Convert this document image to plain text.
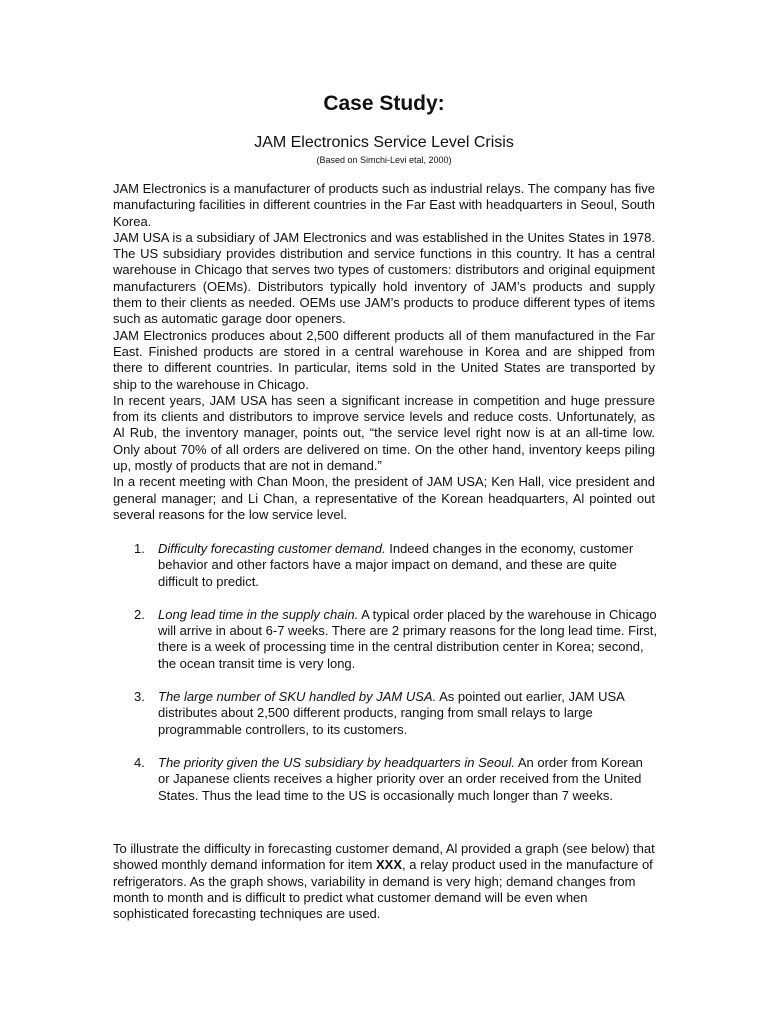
Case Study:
JAM Electronics Service Level Crisis
(Based on Simchi-Levi etal, 2000)

JAM Electronics is a manufacturer of products such as industrial relays. The company has five manufacturing facilities in different countries in the Far East with headquarters in Seoul, South Korea.

JAM USA is a subsidiary of JAM Electronics and was established in the Unites States in 1978. The US subsidiary provides distribution and service functions in this country. It has a central warehouse in Chicago that serves two types of customers: distributors and original equipment manufacturers (OEMs). Distributors typically hold inventory of JAM’s products and supply them to their clients as needed. OEMs use JAM’s products to produce different types of items such as automatic garage door openers.

JAM Electronics produces about 2,500 different products all of them manufactured in the Far East. Finished products are stored in a central warehouse in Korea and are shipped from there to different countries. In particular, items sold in the United States are transported by ship to the warehouse in Chicago.

In recent years, JAM USA has seen a significant increase in competition and huge pressure from its clients and distributors to improve service levels and reduce costs. Unfortunately, as Al Rub, the inventory manager, points out, “the service level right now is at an all-time low. Only about 70% of all orders are delivered on time. On the other hand, inventory keeps piling up, mostly of products that are not in demand.”

In a recent meeting with Chan Moon, the president of JAM USA; Ken Hall, vice president and general manager; and Li Chan, a representative of the Korean headquarters, Al pointed out several reasons for the low service level.

1. Difficulty forecasting customer demand. Indeed changes in the economy, customer behavior and other factors have a major impact on demand, and these are quite difficult to predict.
2. Long lead time in the supply chain. A typical order placed by the warehouse in Chicago will arrive in about 6-7 weeks. There are 2 primary reasons for the long lead time. First, there is a week of processing time in the central distribution center in Korea; second, the ocean transit time is very long.
3. The large number of SKU handled by JAM USA. As pointed out earlier, JAM USA distributes about 2,500 different products, ranging from small relays to large programmable controllers, to its customers.
4. The priority given the US subsidiary by headquarters in Seoul. An order from Korean or Japanese clients receives a higher priority over an order received from the United States. Thus the lead time to the US is occasionally much longer than 7 weeks.

To illustrate the difficulty in forecasting customer demand, Al provided a graph (see below) that showed monthly demand information for item XXX, a relay product used in the manufacture of refrigerators. As the graph shows, variability in demand is very high; demand changes from month to month and is difficult to predict what customer demand will be even when sophisticated forecasting techniques are used.
